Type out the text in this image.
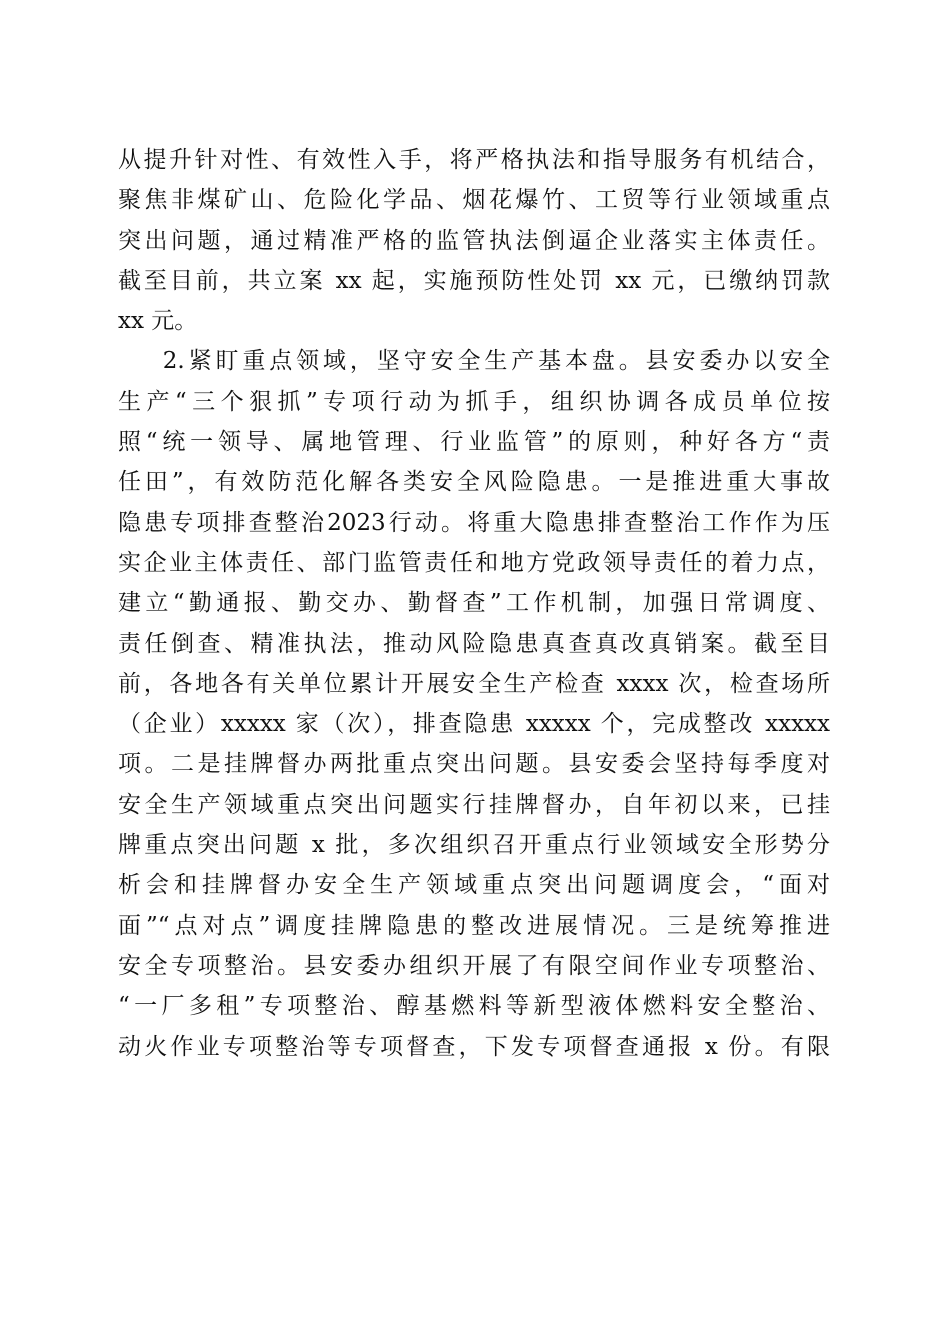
从提升针对性、有效性入手，将严格执法和指导服务有机结合，
聚焦非煤矿山、危险化学品、烟花爆竹、工贸等行业领域重点
突出问题，通过精准严格的监管执法倒逼企业落实主体责任。
截至目前，共立案 xx 起，实施预防性处罚 xx 元，已缴纳罚款
xx 元。
2.紧盯重点领域，坚守安全生产基本盘。县安委办以安全
生产“三个狠抓”专项行动为抓手，组织协调各成员单位按
照“统一领导、属地管理、行业监管”的原则，种好各方“责
任田”，有效防范化解各类安全风险隐患。一是推进重大事故
隐患专项排查整治2023行动。将重大隐患排查整治工作作为压
实企业主体责任、部门监管责任和地方党政领导责任的着力点，
建立“勤通报、勤交办、勤督查”工作机制，加强日常调度、
责任倒查、精准执法，推动风险隐患真查真改真销案。截至目
前，各地各有关单位累计开展安全生产检查 xxxx 次，检查场所
（企业）xxxxx 家（次），排查隐患 xxxxx 个，完成整改 xxxxx
项。二是挂牌督办两批重点突出问题。县安委会坚持每季度对
安全生产领域重点突出问题实行挂牌督办，自年初以来，已挂
牌重点突出问题 x 批，多次组织召开重点行业领域安全形势分
析会和挂牌督办安全生产领域重点突出问题调度会，“面对
面”“点对点”调度挂牌隐患的整改进展情况。三是统筹推进
安全专项整治。县安委办组织开展了有限空间作业专项整治、
“一厂多租”专项整治、醇基燃料等新型液体燃料安全整治、
动火作业专项整治等专项督查，下发专项督查通报 x 份。有限
